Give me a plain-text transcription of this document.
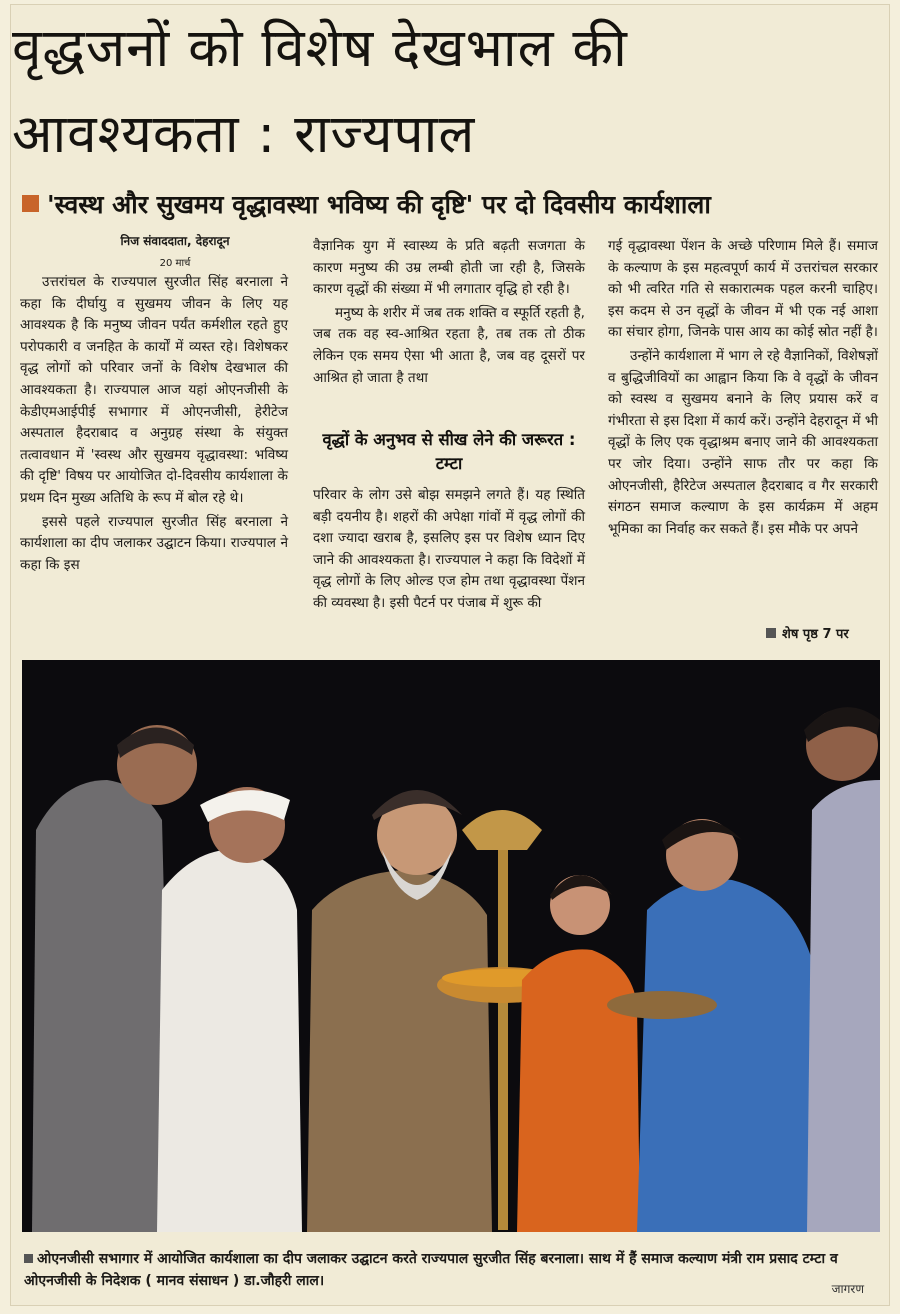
वृद्धजनों को विशेष देखभाल की आवश्यकता : राज्यपाल
'स्वस्थ और सुखमय वृद्धावस्था भविष्य की दृष्टि' पर दो दिवसीय कार्यशाला
निज संवाददाता, देहरादून
20 मार्च

उत्तरांचल के राज्यपाल सुरजीत सिंह बरनाला ने कहा कि दीर्घायु व सुखमय जीवन के लिए यह आवश्यक है कि मनुष्य जीवन पर्यंत कर्मशील रहते हुए परोपकारी व जनहित के कार्यों में व्यस्त रहे। विशेषकर वृद्ध लोगों को परिवार जनों के विशेष देखभाल की आवश्यकता है। राज्यपाल आज यहां ओएनजीसी के केडीएमआईपीई सभागार में ओएनजीसी, हेरीटेज अस्पताल हैदराबाद व अनुग्रह संस्था के संयुक्त तत्वावधान में 'स्वस्थ और सुखमय वृद्धावस्था: भविष्य की दृष्टि' विषय पर आयोजित दो-दिवसीय कार्यशाला के प्रथम दिन मुख्य अतिथि के रूप में बोल रहे थे।

इससे पहले राज्यपाल सुरजीत सिंह बरनाला ने कार्यशाला का दीप जलाकर उद्घाटन किया। राज्यपाल ने कहा कि इस

वैज्ञानिक युग में स्वास्थ्य के प्रति बढ़ती सजगता के कारण मनुष्य की उम्र लम्बी होती जा रही है, जिसके कारण वृद्धों की संख्या में भी लगातार वृद्धि हो रही है।

मनुष्य के शरीर में जब तक शक्ति व स्फूर्ति रहती है, जब तक वह स्व-आश्रित रहता है, तब तक तो ठीक लेकिन एक समय ऐसा भी आता है, जब वह दूसरों पर आश्रित हो जाता है तथा

वृद्धों के अनुभव से सीख लेने की जरूरत : टम्टा

परिवार के लोग उसे बोझ समझने लगते हैं। यह स्थिति बड़ी दयनीय है। शहरों की अपेक्षा गांवों में वृद्ध लोगों की दशा ज्यादा खराब है, इसलिए इस पर विशेष ध्यान दिए जाने की आवश्यकता है। राज्यपाल ने कहा कि विदेशों में वृद्ध लोगों के लिए ओल्ड एज होम तथा वृद्धावस्था पेंशन की व्यवस्था है। इसी पैटर्न पर पंजाब में शुरू की

गई वृद्धावस्था पेंशन के अच्छे परिणाम मिले हैं। समाज के कल्याण के इस महत्वपूर्ण कार्य में उत्तरांचल सरकार को भी त्वरित गति से सकारात्मक पहल करनी चाहिए। इस कदम से उन वृद्धों के जीवन में भी एक नई आशा का संचार होगा, जिनके पास आय का कोई स्रोत नहीं है।

उन्होंने कार्यशाला में भाग ले रहे वैज्ञानिकों, विशेषज्ञों व बुद्धिजीवियों का आह्वान किया कि वे वृद्धों के जीवन को स्वस्थ व सुखमय बनाने के लिए प्रयास करें व गंभीरता से इस दिशा में कार्य करें। उन्होंने देहरादून में भी वृद्धों के लिए एक वृद्धाश्रम बनाए जाने की आवश्यकता पर जोर दिया। उन्होंने साफ तौर पर कहा कि ओएनजीसी, हैरिटेज अस्पताल हैदराबाद व गैर सरकारी संगठन समाज कल्याण के इस कार्यक्रम में अहम भूमिका का निर्वाह कर सकते हैं। इस मौके पर अपने

शेष पृष्ठ 7 पर
ओएनजीसी सभागार में आयोजित कार्यशाला का दीप जलाकर उद्घाटन करते राज्यपाल सुरजीत सिंह बरनाला। साथ में हैं समाज कल्याण मंत्री राम प्रसाद टम्टा व ओएनजीसी के निदेशक ( मानव संसाधन ) डा.जौहरी लाल।	जागरण
